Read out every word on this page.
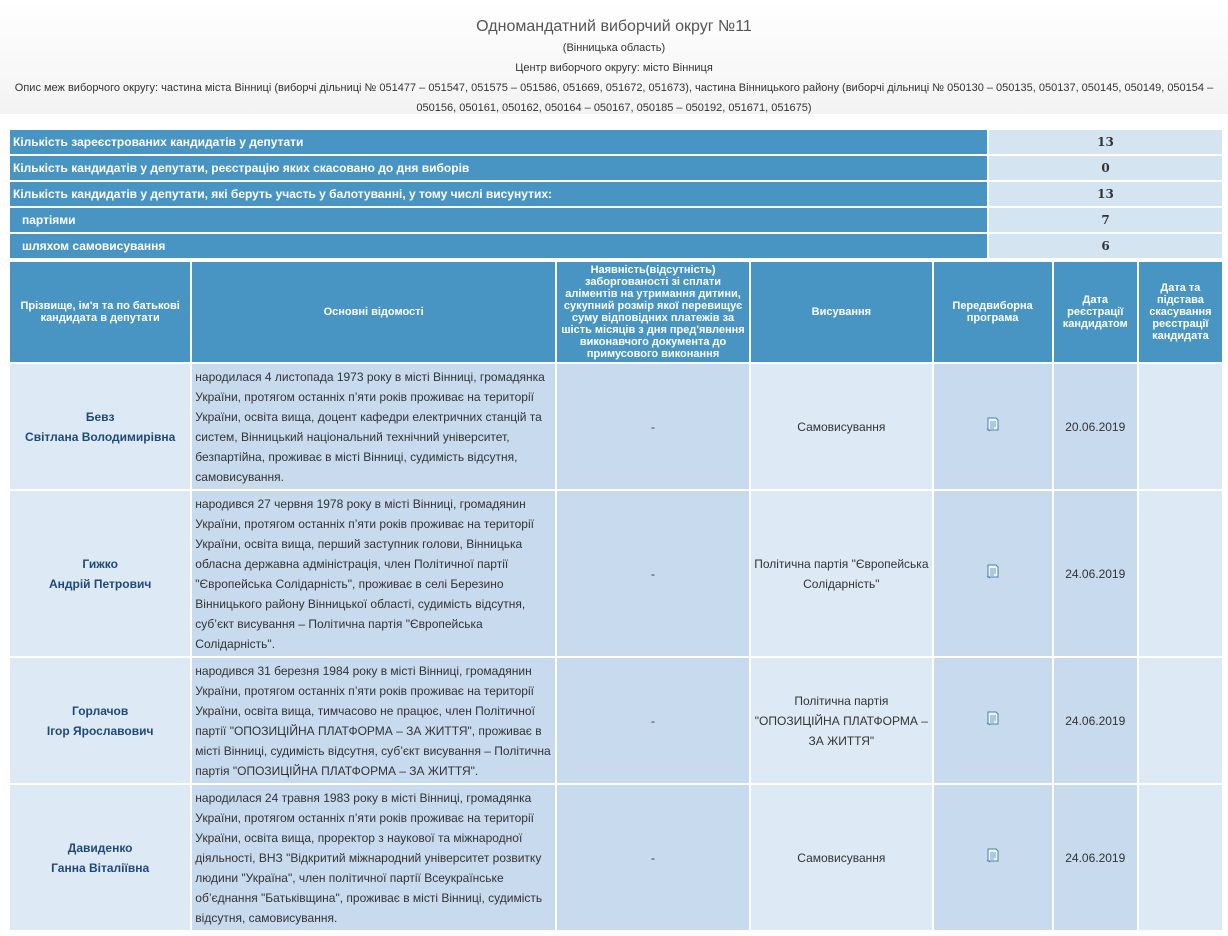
Одномандатний виборчий округ №11
(Вінницька область)
Центр виборчого округу: місто Вінниця
Опис меж виборчого округу: частина міста Вінниці (виборчі дільниці № 051477 – 051547, 051575 – 051586, 051669, 051672, 051673), частина Вінницького району (виборчі дільниці № 050130 – 050135, 050137, 050145, 050149, 050154 – 050156, 050161, 050162, 050164 – 050167, 050185 – 050192, 051671, 051675)
Кількість зареєстрованих кандидатів у депутати	13
Кількість кандидатів у депутати, реєстрацію яких скасовано до дня виборів	0
Кількість кандидатів у депутати, які беруть участь у балотуванні, у тому числі висунутих:	13
партіями	7
шляхом самовисування	6
Прізвище, ім'я та по батькові кандидата в депутати	Основні відомості	Наявність(відсутність) заборгованості зі сплати аліментів на утримання дитини, сукупний розмір якої перевищує суму відповідних платежів за шість місяців з дня пред'явлення виконавчого документа до примусового виконання	Висування	Передвиборна програма	Дата реєстрації кандидатом	Дата та підстава скасування реєстрації кандидата
Бевз
Світлана Володимирівна	народилася 4 листопада 1973 року в місті Вінниці, громадянка України, протягом останніх п’яти років проживає на території України, освіта вища, доцент кафедри електричних станцій та систем, Вінницький національний технічний університет, безпартійна, проживає в місті Вінниці, судимість відсутня, самовисування.	-	Самовисування		20.06.2019	
Гижко
Андрій Петрович	народився 27 червня 1978 року в місті Вінниці, громадянин України, протягом останніх п’яти років проживає на території України, освіта вища, перший заступник голови, Вінницька обласна державна адміністрація, член Політичної партії "Європейська Солідарність", проживає в селі Березино Вінницького району Вінницької області, судимість відсутня, суб’єкт висування – Політична партія "Європейська Солідарність".	-	Політична партія "Європейська Солідарність"		24.06.2019	
Горлачов
Ігор Ярославович	народився 31 березня 1984 року в місті Вінниці, громадянин України, протягом останніх п’яти років проживає на території України, освіта вища, тимчасово не працює, член Політичної партії "ОПОЗИЦІЙНА ПЛАТФОРМА – ЗА ЖИТТЯ", проживає в місті Вінниці, судимість відсутня, суб’єкт висування – Політична партія "ОПОЗИЦІЙНА ПЛАТФОРМА – ЗА ЖИТТЯ".	-	Політична партія "ОПОЗИЦІЙНА ПЛАТФОРМА – ЗА ЖИТТЯ"		24.06.2019	
Давиденко
Ганна Віталіївна	народилася 24 травня 1983 року в місті Вінниці, громадянка України, протягом останніх п’яти років проживає на території України, освіта вища, проректор з наукової та міжнародної діяльності, ВНЗ "Відкритий міжнародний університет розвитку людини "Україна", член політичної партії Всеукраїнське об’єднання "Батьківщина", проживає в місті Вінниці, судимість відсутня, самовисування.	-	Самовисування		24.06.2019	
